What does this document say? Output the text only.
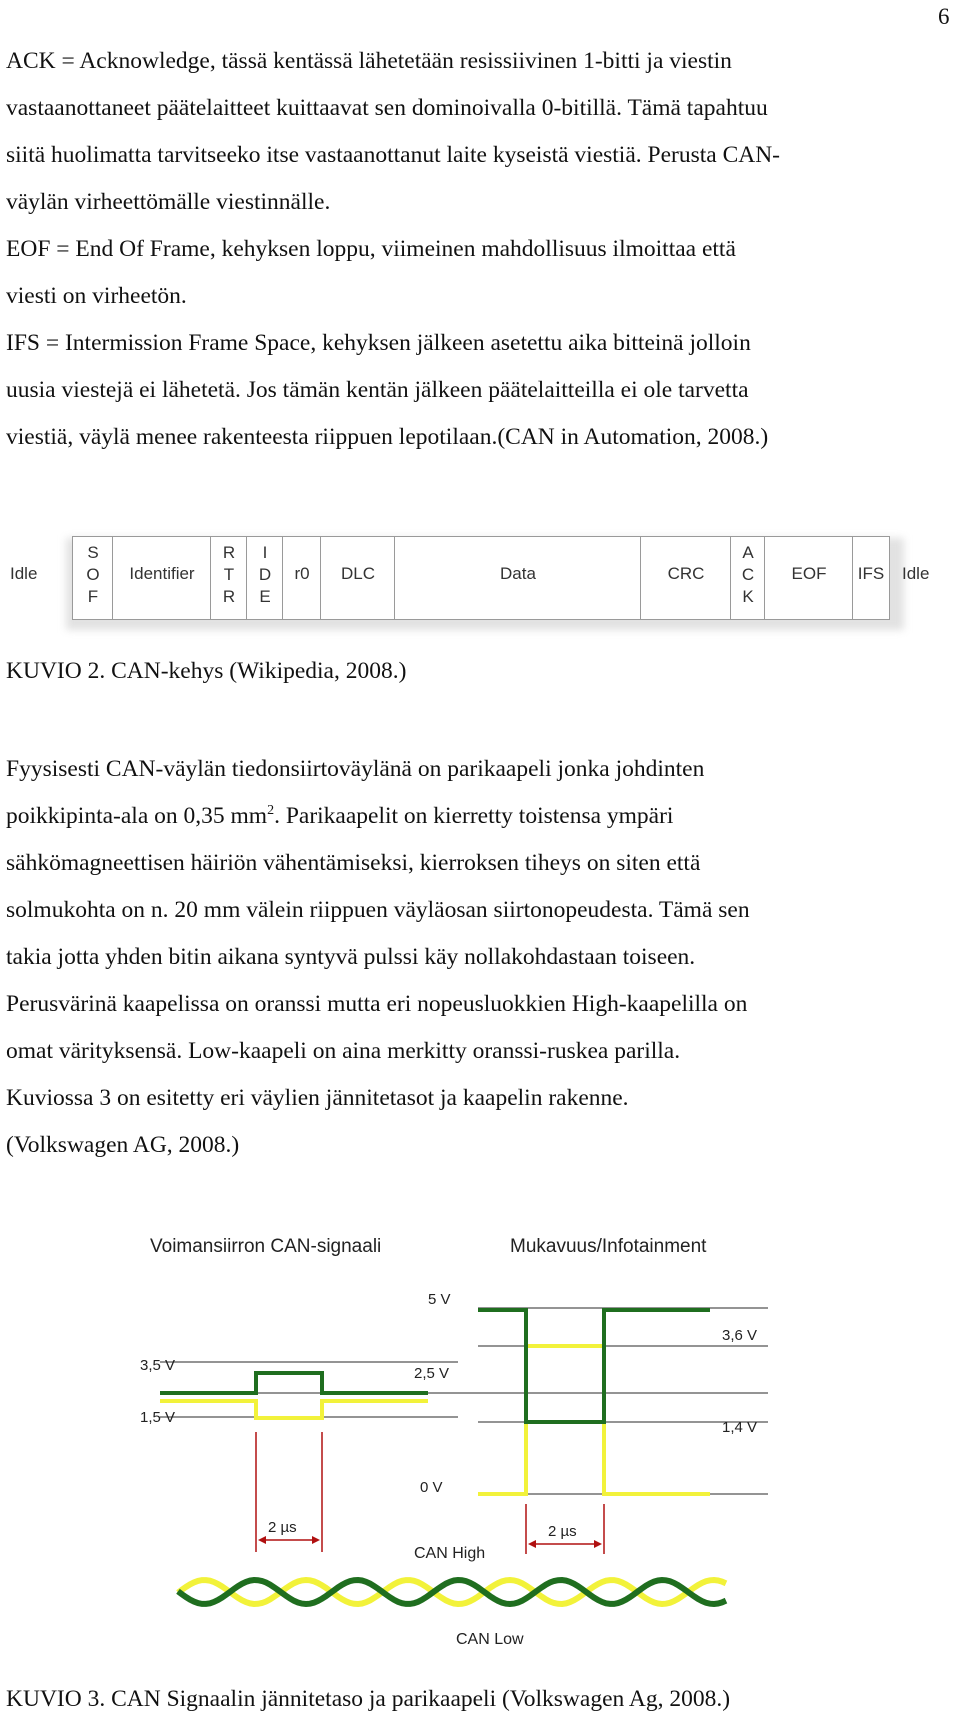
6
ACK = Acknowledge, tässä kentässä lähetetään resissiivinen 1-bitti ja viestin
vastaanottaneet päätelaitteet kuittaavat sen dominoivalla 0-bitillä. Tämä tapahtuu
siitä huolimatta tarvitseeko itse vastaanottanut laite kyseistä viestiä. Perusta CAN-
väylän virheettömälle viestinnälle.
EOF = End Of Frame, kehyksen loppu, viimeinen mahdollisuus ilmoittaa että
viesti on virheetön.
IFS = Intermission Frame Space, kehyksen jälkeen asetettu aika bitteinä jolloin
uusia viestejä ei lähetetä. Jos tämän kentän jälkeen päätelaitteilla ei ole tarvetta
viestiä, väylä menee rakenteesta riippuen lepotilaan.(CAN in Automation, 2008.)
Idle
S
O
F
Identifier
R
T
R
I
D
E
r0	DLC	Data	CRC
A
C
K
EOF	IFS	Idle
KUVIO 2. CAN-kehys (Wikipedia, 2008.)
Fyysisesti CAN-väylän tiedonsiirtoväylänä on parikaapeli jonka johdinten
poikkipinta-ala on 0,35 $mm^2$. Parikaapelit on kierretty toistensa ympäri
sähkömagneettisen häiriön vähentämiseksi, kierroksen tiheys on siten että
solmukohta on n. 20 mm välein riippuen väyläosan siirtonopeudesta. Tämä sen
takia jotta yhden bitin aikana syntyvä pulssi käy nollakohdastaan toiseen.
Perusvärinä kaapelissa on oranssi mutta eri nopeusluokkien High-kaapelilla on
omat värityksensä. Low-kaapeli on aina merkitty oranssi-ruskea parilla.
Kuviossa 3 on esitetty eri väylien jännitetasot ja kaapelin rakenne.
(Volkswagen AG, 2008.)
Voimansiirron CAN-signaali	Mukavuus/Infotainment
3,5 V
1,5 V
2 µs
5 V
2,5 V
0 V
3,6 V
1,4 V
2 µs
CAN High
CAN Low
KUVIO 3. CAN Signaalin jännitetaso ja parikaapeli (Volkswagen Ag, 2008.)
